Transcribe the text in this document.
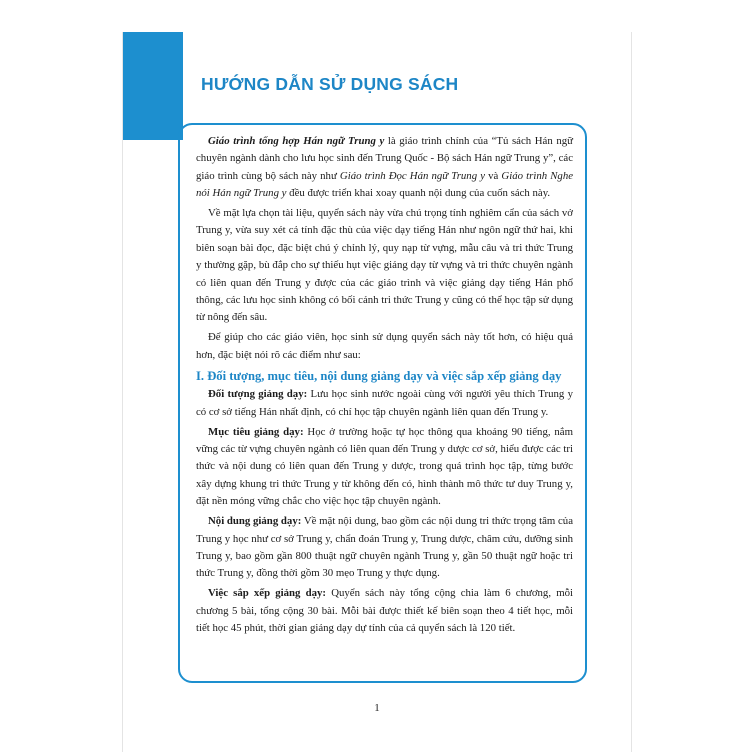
HƯỚNG DẪN SỬ DỤNG SÁCH

Giáo trình tổng hợp Hán ngữ Trung y là giáo trình chính của “Tủ sách Hán ngữ chuyên ngành dành cho lưu học sinh đến Trung Quốc - Bộ sách Hán ngữ Trung y”, các giáo trình cùng bộ sách này như Giáo trình Đọc Hán ngữ Trung y và Giáo trình Nghe nói Hán ngữ Trung y đều được triển khai xoay quanh nội dung của cuốn sách này.

Về mặt lựa chọn tài liệu, quyển sách này vừa chú trọng tính nghiêm cẩn của sách vở Trung y, vừa suy xét cả tính đặc thù của việc dạy tiếng Hán như ngôn ngữ thứ hai, khi biên soạn bài đọc, đặc biệt chú ý chỉnh lý, quy nạp từ vựng, mẫu câu và tri thức Trung y thường gặp, bù đắp cho sự thiếu hụt việc giảng dạy từ vựng và tri thức chuyên ngành có liên quan đến Trung y được của các giáo trình và việc giảng dạy tiếng Hán phổ thông, các lưu học sinh không có bối cảnh tri thức Trung y cũng có thể học tập sử dụng từ nông đến sâu.

Để giúp cho các giáo viên, học sinh sử dụng quyển sách này tốt hơn, có hiệu quả hơn, đặc biệt nói rõ các điểm như sau:

I. Đối tượng, mục tiêu, nội dung giảng dạy và việc sắp xếp giảng dạy

Đối tượng giảng dạy: Lưu học sinh nước ngoài cùng với người yêu thích Trung y có cơ sở tiếng Hán nhất định, có chí học tập chuyên ngành liên quan đến Trung y.

Mục tiêu giảng dạy: Học ở trường hoặc tự học thông qua khoảng 90 tiếng, nắm vững các từ vựng chuyên ngành có liên quan đến Trung y dược cơ sở, hiểu được các tri thức và nội dung có liên quan đến Trung y dược, trong quá trình học tập, từng bước xây dựng khung tri thức Trung y từ không đến có, hình thành mô thức tư duy Trung y, đặt nền móng vững chắc cho việc học tập chuyên ngành.

Nội dung giảng dạy: Về mặt nội dung, bao gồm các nội dung tri thức trọng tâm của Trung y học như cơ sở Trung y, chẩn đoán Trung y, Trung dược, châm cứu, dưỡng sinh Trung y, bao gồm gần 800 thuật ngữ chuyên ngành Trung y, gần 50 thuật ngữ hoặc tri thức Trung y, đồng thời gồm 30 mẹo Trung y thực dụng.

Việc sắp xếp giảng dạy: Quyển sách này tổng cộng chia làm 6 chương, mỗi chương 5 bài, tổng cộng 30 bài. Mỗi bài được thiết kế biên soạn theo 4 tiết học, mỗi tiết học 45 phút, thời gian giảng dạy dự tính của cả quyển sách là 120 tiết.

1
